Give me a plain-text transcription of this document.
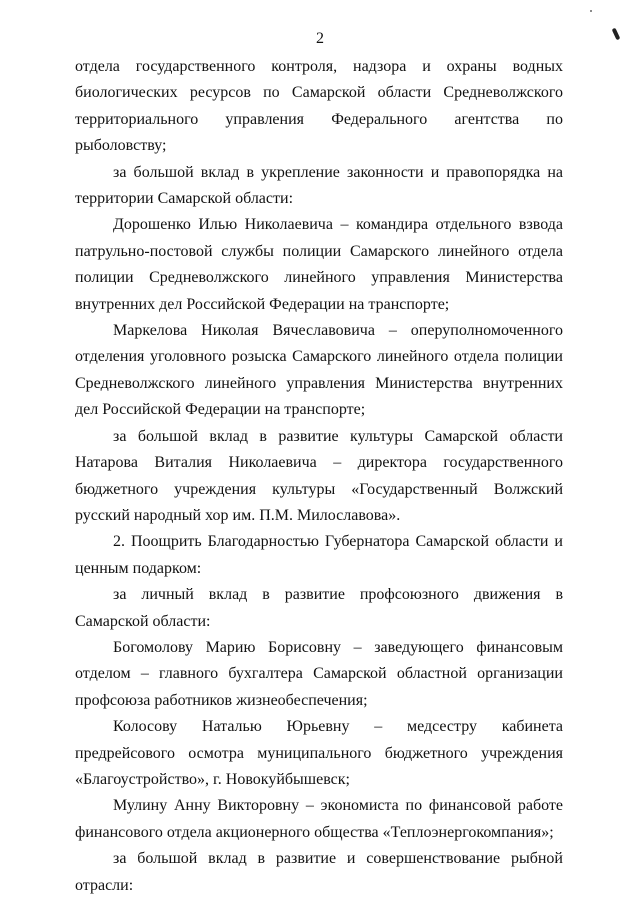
2

отдела государственного контроля, надзора и охраны водных биологических ресурсов по Самарской области Средневолжского территориального управления Федерального агентства по рыболовству;

за большой вклад в укрепление законности и правопорядка на территории Самарской области:

Дорошенко Илью Николаевича – командира отдельного взвода патрульно-постовой службы полиции Самарского линейного отдела полиции Средневолжского линейного управления Министерства внутренних дел Российской Федерации на транспорте;

Маркелова Николая Вячеславовича – оперуполномоченного отделения уголовного розыска Самарского линейного отдела полиции Средневолжского линейного управления Министерства внутренних дел Российской Федерации на транспорте;

за большой вклад в развитие культуры Самарской области Натарова Виталия Николаевича – директора государственного бюджетного учреждения культуры «Государственный Волжский русский народный хор им. П.М. Милославова».

2. Поощрить Благодарностью Губернатора Самарской области и ценным подарком:

за личный вклад в развитие профсоюзного движения в Самарской области:

Богомолову Марию Борисовну – заведующего финансовым отделом – главного бухгалтера Самарской областной организации профсоюза работников жизнеобеспечения;

Колосову Наталью Юрьевну – медсестру кабинета предрейсового осмотра муниципального бюджетного учреждения «Благоустройство», г. Новокуйбышевск;

Мулину Анну Викторовну – экономиста по финансовой работе финансового отдела акционерного общества «Теплоэнергокомпания»;

за большой вклад в развитие и совершенствование рыбной отрасли:
